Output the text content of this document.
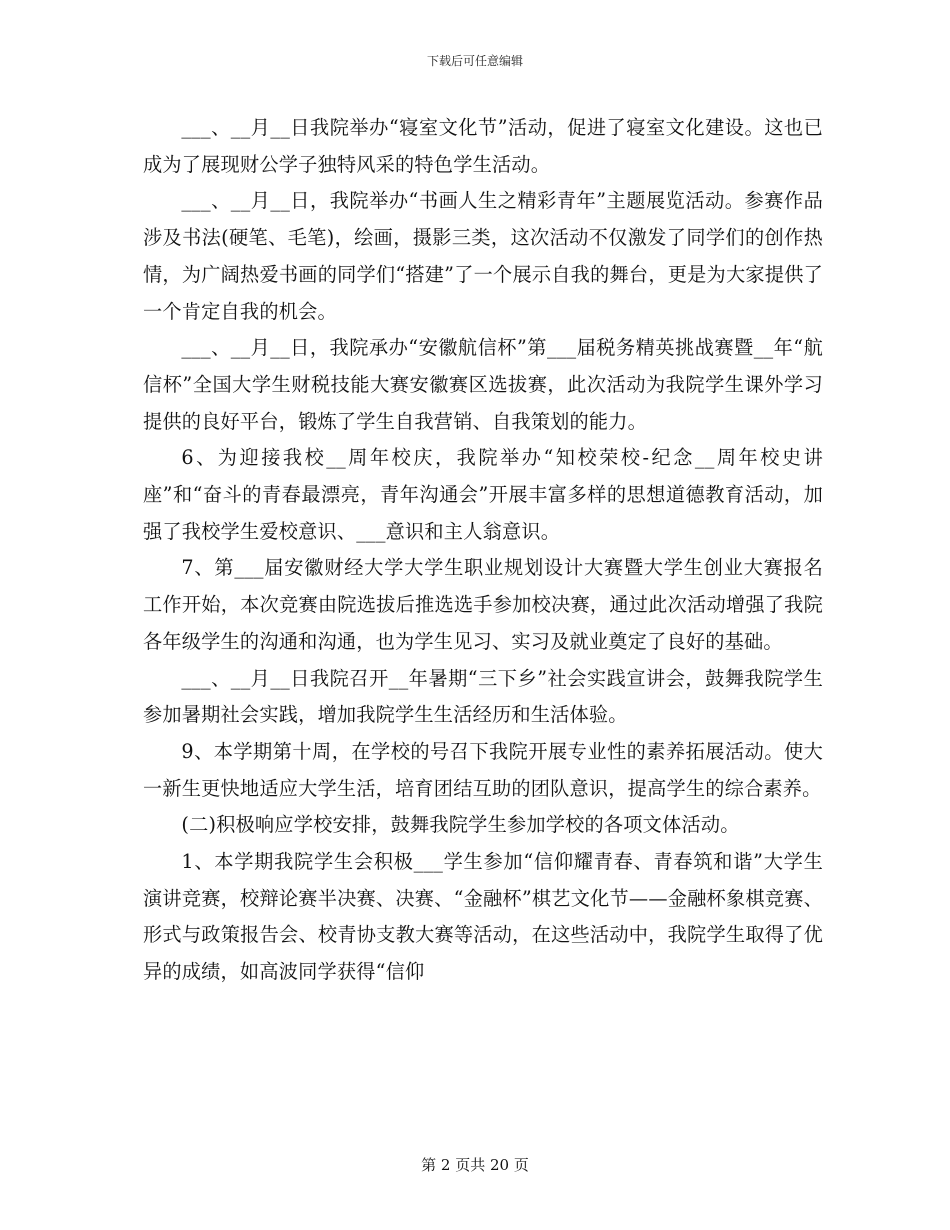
下载后可任意编辑

___、__月__日我院举办“寝室文化节”活动，促进了寝室文化建设。这也已成为了展现财公学子独特风采的特色学生活动。

___、__月__日，我院举办“书画人生之精彩青年”主题展览活动。参赛作品涉及书法(硬笔、毛笔)，绘画，摄影三类，这次活动不仅激发了同学们的创作热情，为广阔热爱书画的同学们“搭建”了一个展示自我的舞台，更是为大家提供了一个肯定自我的机会。

___、__月__日，我院承办“安徽航信杯”第___届税务精英挑战赛暨__年“航信杯”全国大学生财税技能大赛安徽赛区选拔赛，此次活动为我院学生课外学习提供的良好平台，锻炼了学生自我营销、自我策划的能力。

6、为迎接我校__周年校庆，我院举办“知校荣校-纪念__周年校史讲座”和“奋斗的青春最漂亮，青年沟通会”开展丰富多样的思想道德教育活动，加强了我校学生爱校意识、___意识和主人翁意识。

7、第___届安徽财经大学大学生职业规划设计大赛暨大学生创业大赛报名工作开始，本次竞赛由院选拔后推选选手参加校决赛，通过此次活动增强了我院各年级学生的沟通和沟通，也为学生见习、实习及就业奠定了良好的基础。

___、__月__日我院召开__年暑期“三下乡”社会实践宣讲会，鼓舞我院学生参加暑期社会实践，增加我院学生生活经历和生活体验。

9、本学期第十周，在学校的号召下我院开展专业性的素养拓展活动。使大一新生更快地适应大学生活，培育团结互助的团队意识，提高学生的综合素养。

(二)积极响应学校安排，鼓舞我院学生参加学校的各项文体活动。

1、本学期我院学生会积极___学生参加“信仰耀青春、青春筑和谐”大学生演讲竞赛，校辩论赛半决赛、决赛、“金融杯”棋艺文化节——金融杯象棋竞赛、形式与政策报告会、校青协支教大赛等活动，在这些活动中，我院学生取得了优异的成绩，如高波同学获得“信仰

第 2 页共 20 页
